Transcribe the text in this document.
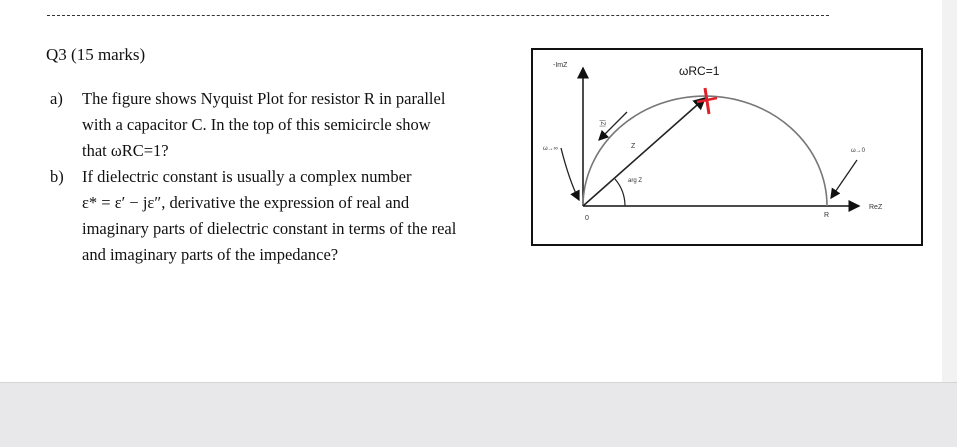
Q3 (15 marks)
a) The figure shows Nyquist Plot for resistor R in parallel
with a capacitor C. In the top of this semicircle show
that ωRC=1?
b) If dielectric constant is usually a complex number
ε* = ε′ − jε″, derivative the expression of real and
imaginary parts of dielectric constant in terms of the real
and imaginary parts of the impedance?
ωRC=1
-ImZ
ReZ
0	R
Z
arg Z
ω→∞	ω→0
|Z|
